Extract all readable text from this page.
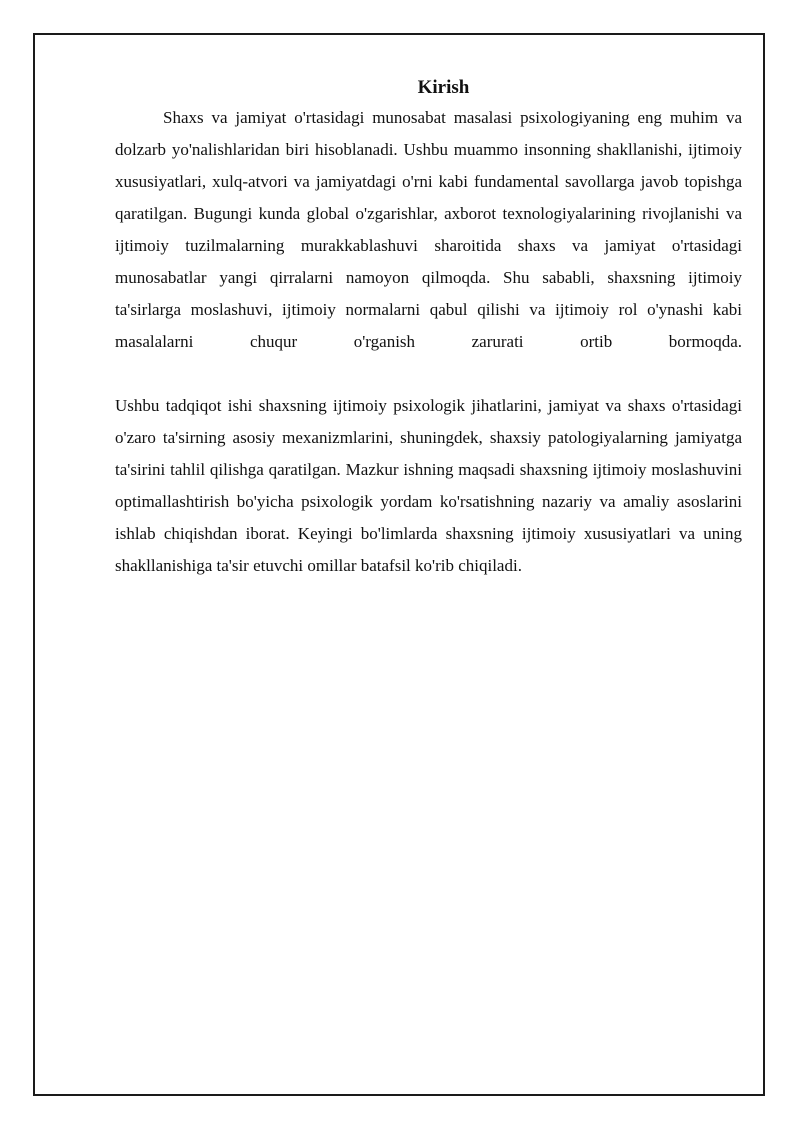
Kirish

Shaxs va jamiyat o'rtasidagi munosabat masalasi psixologiyaning eng muhim va dolzarb yo'nalishlaridan biri hisoblanadi. Ushbu muammo insonning shakllanishi, ijtimoiy xususiyatlari, xulq-atvori va jamiyatdagi o'rni kabi fundamental savollarga javob topishga qaratilgan. Bugungi kunda global o'zgarishlar, axborot texnologiyalarining rivojlanishi va ijtimoiy tuzilmalarning murakkablashuvi sharoitida shaxs va jamiyat o'rtasidagi munosabatlar yangi qirralarni namoyon qilmoqda. Shu sababli, shaxsning ijtimoiy ta'sirlarga moslashuvi, ijtimoiy normalarni qabul qilishi va ijtimoiy rol o'ynashi kabi masalalarni chuqur o'rganish zarurati ortib bormoqda.

Ushbu tadqiqot ishi shaxsning ijtimoiy psixologik jihatlarini, jamiyat va shaxs o'rtasidagi o'zaro ta'sirning asosiy mexanizmlarini, shuningdek, shaxsiy patologiyalarning jamiyatga ta'sirini tahlil qilishga qaratilgan. Mazkur ishning maqsadi shaxsning ijtimoiy moslashuvini optimallashtirish bo'yicha psixologik yordam ko'rsatishning nazariy va amaliy asoslarini ishlab chiqishdan iborat. Keyingi bo'limlarda shaxsning ijtimoiy xususiyatlari va uning shakllanishiga ta'sir etuvchi omillar batafsil ko'rib chiqiladi.
